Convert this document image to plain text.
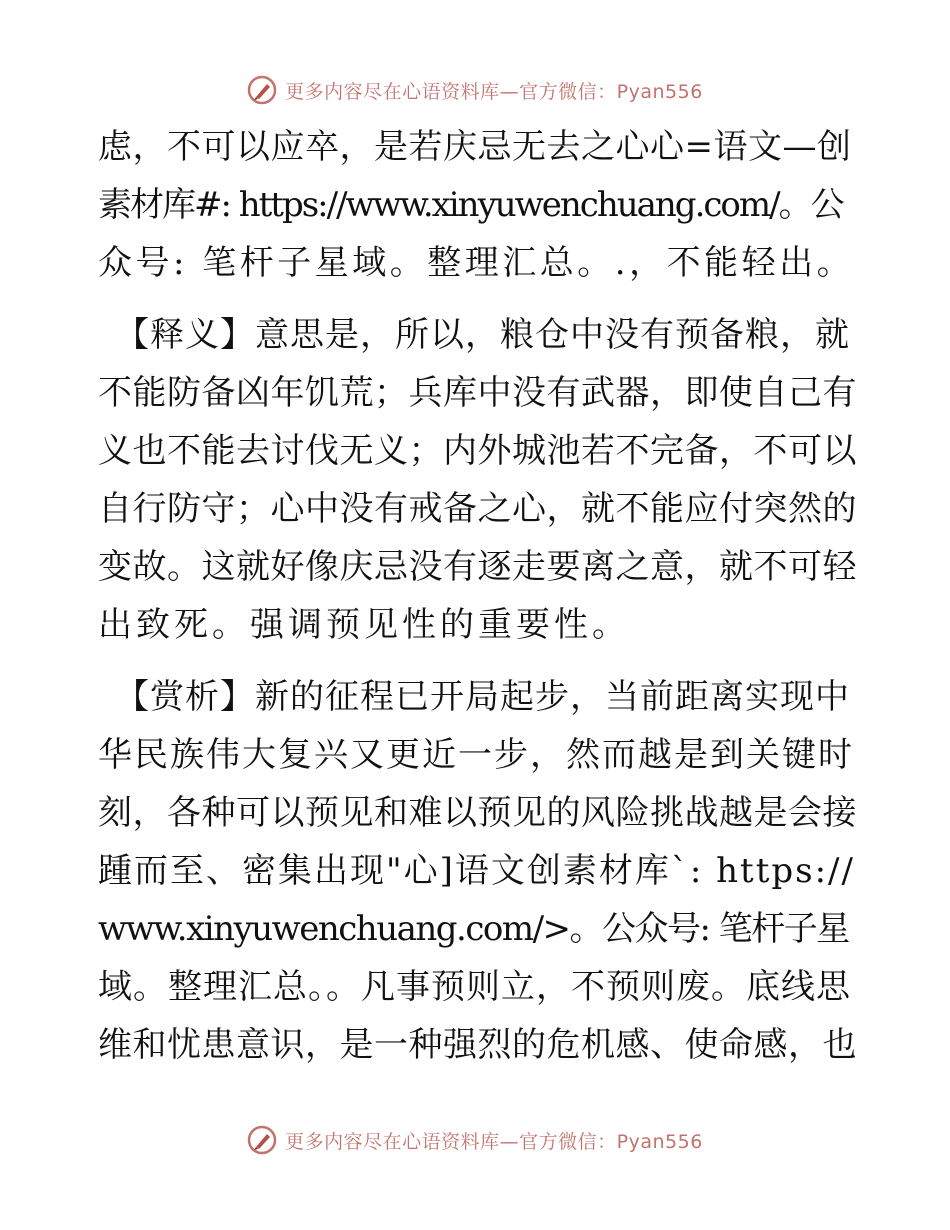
更多内容尽在心语资料库—官方微信：Pyan556
虑，不可以应卒，是若庆忌无去之心心=语文—创
素材库#: https://www.xinyuwenchuang.com/。公
众号: 笔杆子星域。整理汇总。.，不能轻出。
【释义】意思是，所以，粮仓中没有预备粮，就
不能防备凶年饥荒；兵库中没有武器，即使自己有
义也不能去讨伐无义；内外城池若不完备，不可以
自行防守；心中没有戒备之心，就不能应付突然的
变故。这就好像庆忌没有逐走要离之意，就不可轻
出致死。强调预见性的重要性。
【赏析】新的征程已开局起步，当前距离实现中
华民族伟大复兴又更近一步，然而越是到关键时
刻，各种可以预见和难以预见的风险挑战越是会接
踵而至、密集出现"心]语文创素材库`: https://
www.xinyuwenchuang.com/>。公众号: 笔杆子星
域。整理汇总。。凡事预则立，不预则废。底线思
维和忧患意识，是一种强烈的危机感、使命感，也
更多内容尽在心语资料库—官方微信：Pyan556
